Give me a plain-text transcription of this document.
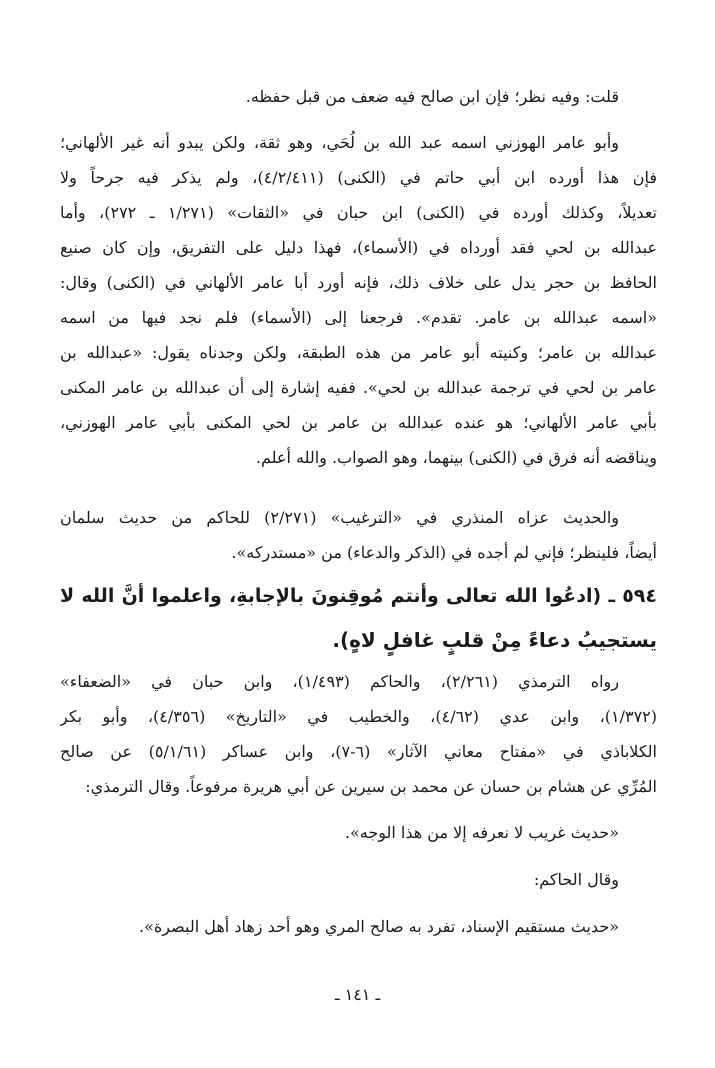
قلت: وفيه نظر؛ فإن ابن صالح فيه ضعف من قبل حفظه.
وأبو عامر الهوزني اسمه عبد الله بن لُحَي، وهو ثقة، ولكن يبدو أنه غير الألهاني؛
فإن هذا أورده ابن أبي حاتم في (الكنى) (٤/٢/٤١١)، ولم يذكر فيه جرحاً ولا
تعديلاً، وكذلك أورده في (الكنى) ابن حبان في «الثقات» (١/٢٧١ ـ ٢٧٢)، وأما
عبدالله بن لحي فقد أورداه في (الأسماء)، فهذا دليل على التفريق، وإن كان صنيع
الحافظ بن حجر يدل على خلاف ذلك، فإنه أورد أبا عامر الألهاني في (الكنى) وقال:
«اسمه عبدالله بن عامر. تقدم». فرجعنا إلى (الأسماء) فلم نجد فيها من اسمه
عبدالله بن عامر؛ وكنيته أبو عامر من هذه الطبقة، ولكن وجدناه يقول: «عبدالله بن
عامر بن لحي في ترجمة عبدالله بن لحي». ففيه إشارة إلى أن عبدالله بن عامر المكنى
بأبي عامر الألهاني؛ هو عنده عبدالله بن عامر بن لحي المكنى بأبي عامر الهوزني،
ويناقضه أنه فرق في (الكنى) بينهما، وهو الصواب. والله أعلم.
والحديث عزاه المنذري في «الترغيب» (٢/٢٧١) للحاكم من حديث سلمان
أيضاً، فلينظر؛ فإني لم أجده في (الذكر والدعاء) من «مستدركه».
٥٩٤ ـ (ادعُوا الله تعالى وأنتم مُوقِنونَ بالإجابةِ، واعلموا أنَّ الله لا
يستجيبُ دعاءً مِنْ قلبٍ غافلٍ لاهٍ).
رواه الترمذي (٢/٢٦١)، والحاكم (١/٤٩٣)، وابن حبان في «الضعفاء»
(١/٣٧٢)، وابن عدي (٤/٦٢)، والخطيب في «التاريخ» (٤/٣٥٦)، وأبو بكر
الكلاباذي في «مفتاح معاني الآثار» (٦-٧)، وابن عساكر (٥/١/٦١) عن صالح
المُرِّي عن هشام بن حسان عن محمد بن سيرين عن أبي هريرة مرفوعاً. وقال الترمذي:
«حديث غريب لا نعرفه إلا من هذا الوجه».
وقال الحاكم:
«حديث مستقيم الإسناد، تفرد به صالح المري وهو أحد زهاد أهل البصرة».
ـ ١٤١ ـ
